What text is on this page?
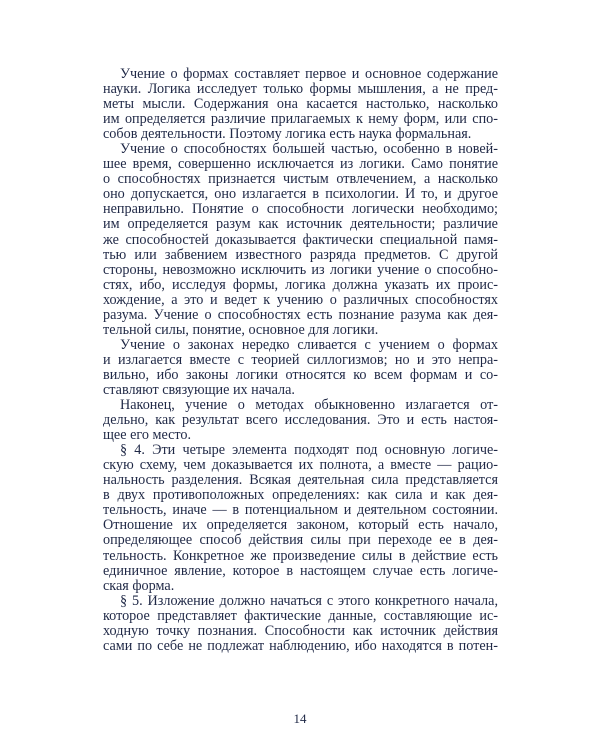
Учение о формах составляет первое и основное содержание
науки. Логика исследует только формы мышления, а не пред-
меты мысли. Содержания она касается настолько, насколько
им определяется различие прилагаемых к нему форм, или спо-
собов деятельности. Поэтому логика есть наука формальная.
Учение о способностях большей частью, особенно в новей-
шее время, совершенно исключается из логики. Само понятие
о способностях признается чистым отвлечением, а насколько
оно допускается, оно излагается в психологии. И то, и другое
неправильно. Понятие о способности логически необходимо;
им определяется разум как источник деятельности; различие
же способностей доказывается фактически специальной памя-
тью или забвением известного разряда предметов. С другой
стороны, невозможно исключить из логики учение о способно-
стях, ибо, исследуя формы, логика должна указать их проис-
хождение, а это и ведет к учению о различных способностях
разума. Учение о способностях есть познание разума как дея-
тельной силы, понятие, основное для логики.
Учение о законах нередко сливается с учением о формах
и излагается вместе с теорией силлогизмов; но и это непра-
вильно, ибо законы логики относятся ко всем формам и со-
ставляют связующие их начала.
Наконец, учение о методах обыкновенно излагается от-
дельно, как результат всего исследования. Это и есть настоя-
щее его место.
§ 4. Эти четыре элемента подходят под основную логиче-
скую схему, чем доказывается их полнота, а вместе — рацио-
нальность разделения. Всякая деятельная сила представляется
в двух противоположных определениях: как сила и как дея-
тельность, иначе — в потенциальном и деятельном состоянии.
Отношение их определяется законом, который есть начало,
определяющее способ действия силы при переходе ее в дея-
тельность. Конкретное же произведение силы в действие есть
единичное явление, которое в настоящем случае есть логиче-
ская форма.
§ 5. Изложение должно начаться с этого конкретного начала,
которое представляет фактические данные, составляющие ис-
ходную точку познания. Способности как источник действия
сами по себе не подлежат наблюдению, ибо находятся в потен-
14
